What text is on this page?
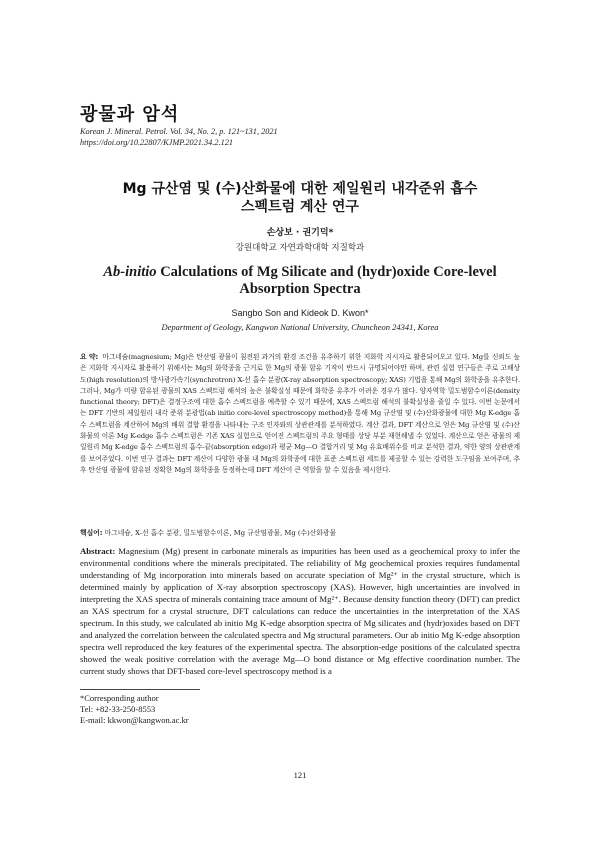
광물과 암석
Korean J. Mineral. Petrol. Vol. 34, No. 2, p. 121~131, 2021
https://doi.org/10.22807/KJMP.2021.34.2.121
Mg 규산염 및 (수)산화물에 대한 제일원리 내각준위 흡수
스펙트럼 계산 연구
손상보 · 권기덕*
강원대학교 자연과학대학 지질학과
Ab-initio Calculations of Mg Silicate and (hydr)oxide Core-level
Absorption Spectra
Sangbo Son and Kideok D. Kwon*
Department of Geology, Kangwon National University, Chuncheon 24341, Korea
요 약: 마그네슘(magnesium; Mg)은 탄산염 광물이 침전된 과거의 환경 조건을 유추하기 위한 지화학 지시자로 활용되어오고 있다. Mg를 신뢰도 높은 지화학 지시자로 활용하기 위해서는 Mg의 화학종을 근거로 한 Mg의 광물 함유 기작이 반드시 규명되어야만 하며, 관련 실험 연구들은 주로 고해상도(high resolution)의 방사광가속기(synchrotron) X-선 흡수 분광(X-ray absorption spectroscopy; XAS) 기법을 통해 Mg의 화학종을 유추한다. 그러나, Mg가 미량 함유된 광물의 XAS 스펙트럼 해석의 높은 불확실성 때문에 화학종 유추가 어려운 경우가 많다. 양자역학 밀도범함수이론(density functional theory; DFT)은 결정구조에 대한 흡수 스펙트럼을 예측할 수 있기 때문에, XAS 스펙트럼 해석의 불확실성을 줄일 수 있다. 이번 논문에서는 DFT 기반의 제일원리 내각 준위 분광법(ab initio core-level spectroscopy method)을 통해 Mg 규산염 및 (수)산화광물에 대한 Mg K-edge 흡수 스펙트럼을 계산하여 Mg의 배위 결합 환경을 나타내는 구조 인자와의 상관관계를 분석하였다. 계산 결과, DFT 계산으로 얻은 Mg 규산염 및 (수)산화물의 이론 Mg K-edge 흡수 스펙트럼은 기존 XAS 실험으로 얻어진 스펙트럼의 주요 형태를 상당 부분 재현해낼 수 있었다. 계산으로 얻은 광물의 제일원리 Mg K-edge 흡수 스펙트럼의 흡수-끝(absorption edge)과 평균 Mg—O 결합거리 및 Mg 유효배위수를 비교 분석한 결과, 약한 양의 상관관계를 보여주었다. 이번 연구 결과는 DFT 계산이 다양한 광물 내 Mg의 화학종에 대한 표준 스펙트럼 세트를 제공할 수 있는 강력한 도구임을 보여주며, 추후 탄산염 광물에 함유된 정확한 Mg의 화학종을 동정하는데 DFT 계산이 큰 역할을 할 수 있음을 제시한다.
핵심어: 마그네슘, X-선 흡수 분광, 밀도범함수이론, Mg 규산염광물, Mg (수)산화광물
Abstract: Magnesium (Mg) present in carbonate minerals as impurities has been used as a geochemical proxy to infer the environmental conditions where the minerals precipitated. The reliability of Mg geochemical proxies requires fundamental understanding of Mg incorporation into minerals based on accurate speciation of Mg²⁺ in the crystal structure, which is determined mainly by application of X-ray absorption spectroscopy (XAS). However, high uncertainties are involved in interpreting the XAS spectra of minerals containing trace amount of Mg²⁺. Because density function theory (DFT) can predict an XAS spectrum for a crystal structure, DFT calculations can reduce the uncertainties in the interpretation of the XAS spectrum. In this study, we calculated ab initio Mg K-edge absorption spectra of Mg silicates and (hydr)oxides based on DFT and analyzed the correlation between the calculated spectra and Mg structural parameters. Our ab initio Mg K-edge absorption spectra well reproduced the key features of the experimental spectra. The absorption-edge positions of the calculated spectra showed the weak positive correlation with the average Mg—O bond distance or Mg effective coordination number. The current study shows that DFT-based core-level spectroscopy method is a
*Corresponding author
Tel: +82-33-250-8553
E-mail: kkwon@kangwon.ac.kr
121
